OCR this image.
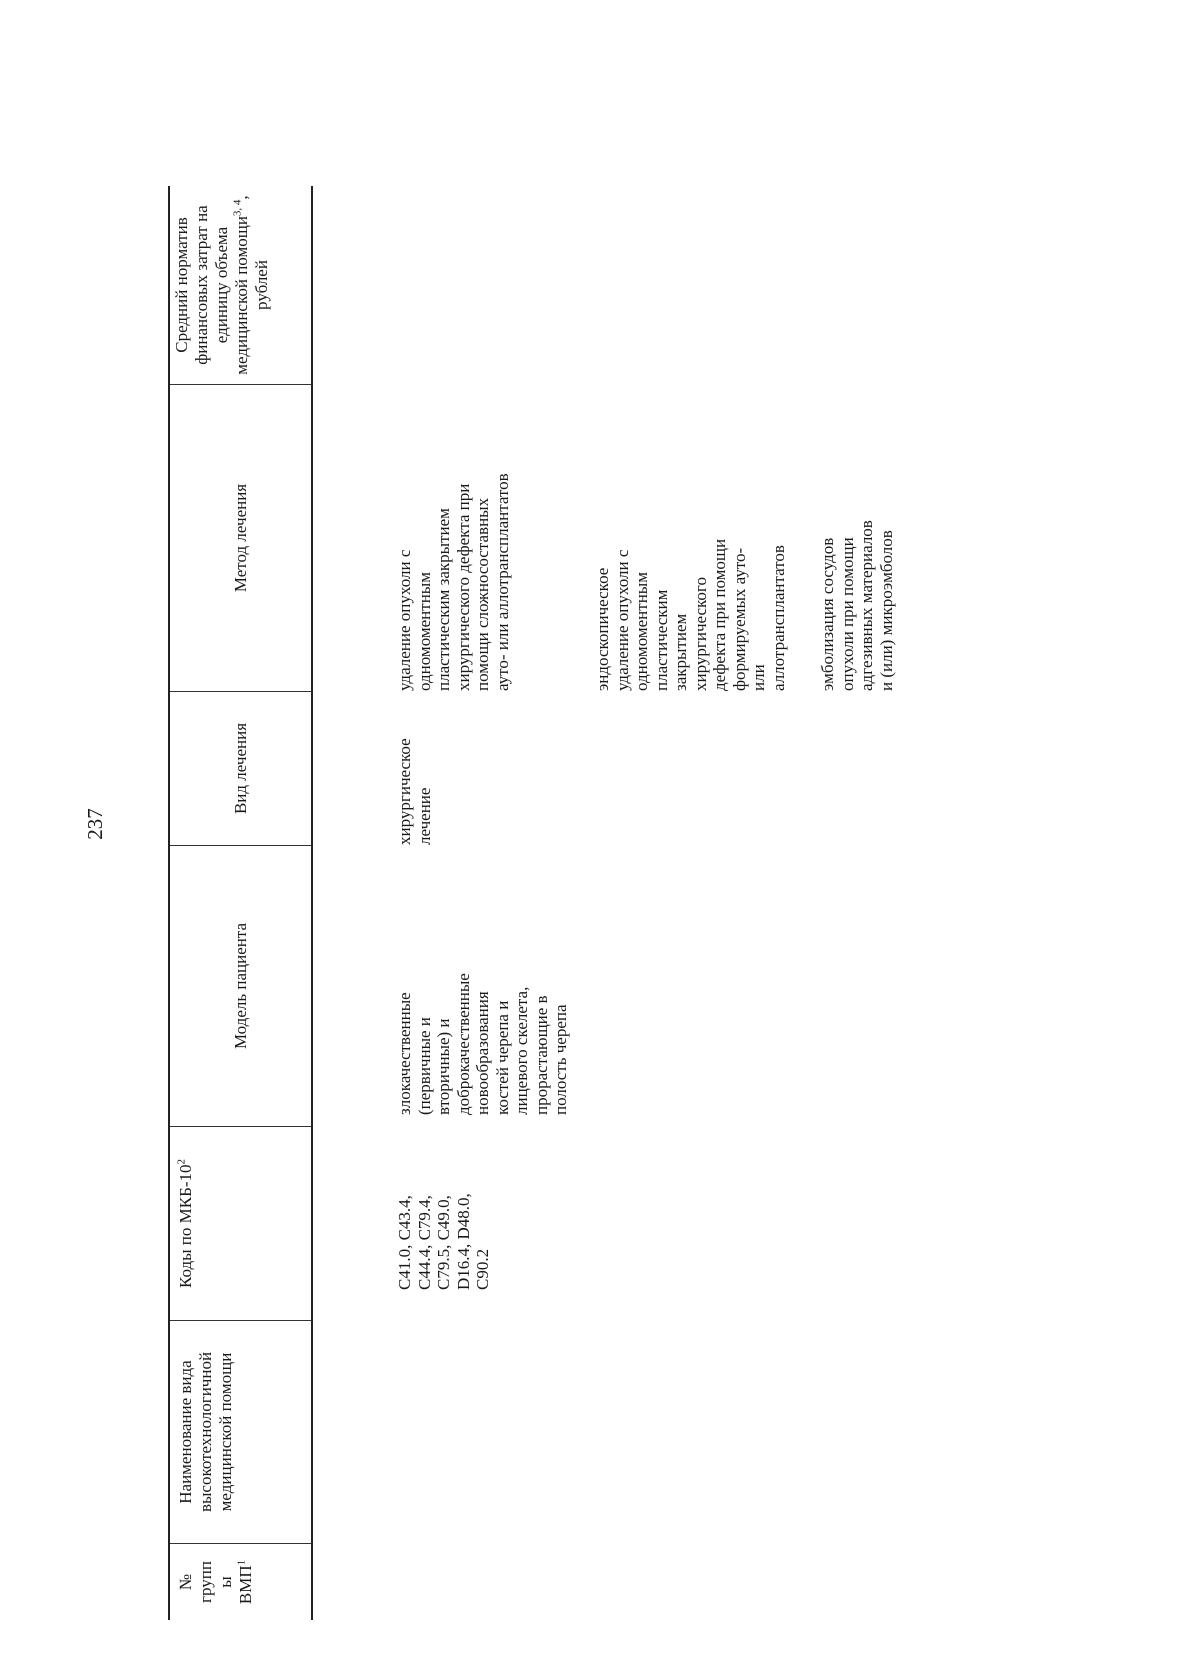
237
№
групп
ы
ВМП$^1$
Наименование вида высокотехнологичной медицинской помощи
Коды по МКБ-$10^2$
Модель пациента
Вид лечения
Метод лечения
Средний норматив финансовых затрат на единицу объема медицинской помощи$^{3, 4}$, рублей
C41.0, C43.4, C44.4, C79.4, C79.5, C49.0, D16.4, D48.0, C90.2
злокачественные (первичные и вторичные) и доброкачественные новообразования костей черепа и лицевого скелета, прорастающие в полость черепа
хирургическое лечение
удаление опухоли с одномоментным пластическим закрытием хирургического дефекта при помощи сложносоставных ауто- или аллотрансплантатов	эндоскопическое удаление опухоли с одномоментным пластическим закрытием хирургического дефекта при помощи формируемых ауто- или аллотрансплантатов эмболизация сосудов опухоли при помощи адгезивных материалов и (или) микроэмболов
